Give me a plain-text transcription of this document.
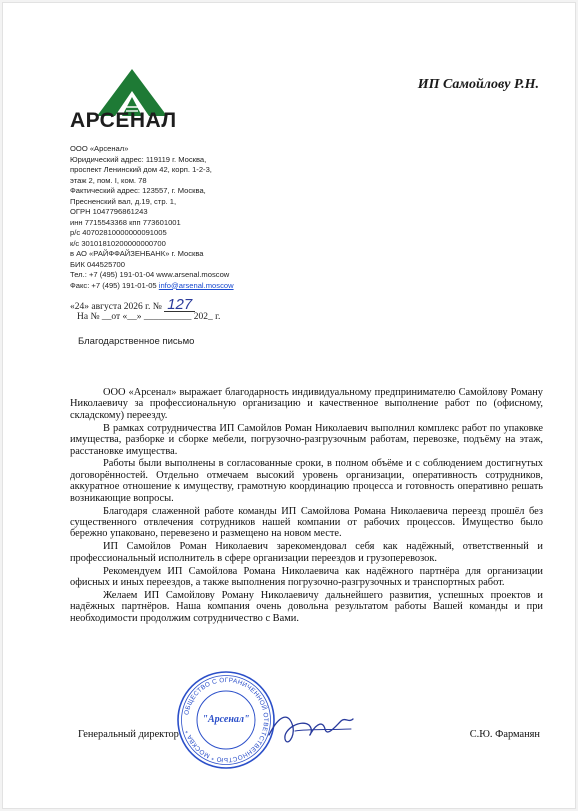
АРСЕНАЛ
ИП Самойлову Р.Н.
ООО «Арсенал»
Юридический адрес: 119119 г. Москва,
проспект Ленинский дом 42, корп. 1-2-3,
этаж 2, пом. I, ком. 78
Фактический адрес: 123557, г. Москва,
Пресненский вал, д.19, стр. 1,
ОГРН 1047796861243
инн 7715543368 кпп 773601001
р/с 40702810000000091005
к/с 30101810200000000700
в АО «РАЙФФАЙЗЕНБАНК» г. Москва
БИК 044525700
Тел.: +7 (495) 191-01-04 www.arsenal.moscow
Факс: +7 (495) 191-01-05 info@arsenal.moscow
«24» августа 2026 г. № 127
На № __от «__» __________ 202_ г.
Благодарственное письмо

ООО «Арсенал» выражает благодарность индивидуальному предпринимателю Самойлову Роману Николаевичу за профессиональную организацию и качественное выполнение работ по (офисному, складскому) переезду.

В рамках сотрудничества ИП Самойлов Роман Николаевич выполнил комплекс работ по упаковке имущества, разборке и сборке мебели, погрузочно-разгрузочным работам, перевозке, подъёму на этаж, расстановке имущества.

Работы были выполнены в согласованные сроки, в полном объёме и с соблюдением достигнутых договорённостей. Отдельно отмечаем высокий уровень организации, оперативность сотрудников, аккуратное отношение к имуществу, грамотную координацию процесса и готовность оперативно решать возникающие вопросы.

Благодаря слаженной работе команды ИП Самойлова Романа Николаевича переезд прошёл без существенного отвлечения сотрудников нашей компании от рабочих процессов. Имущество было бережно упаковано, перевезено и размещено на новом месте.

ИП Самойлов Роман Николаевич зарекомендовал себя как надёжный, ответственный и профессиональный исполнитель в сфере организации переездов и грузоперевозок.

Рекомендуем ИП Самойлова Романа Николаевича как надёжного партнёра для организации офисных и иных переездов, а также выполнения погрузочно-разгрузочных и транспортных работ.

Желаем ИП Самойлову Роману Николаевичу дальнейшего развития, успешных проектов и надёжных партнёров. Наша компания очень довольна результатом работы Вашей команды и при необходимости продолжим сотрудничество с Вами.

Генеральный директор
ОБЩЕСТВО С ОГРАНИЧЕННОЙ ОТВЕТСТВЕННОСТЬЮ * МОСКВА *
"Арсенал"
С.Ю. Фарманян
